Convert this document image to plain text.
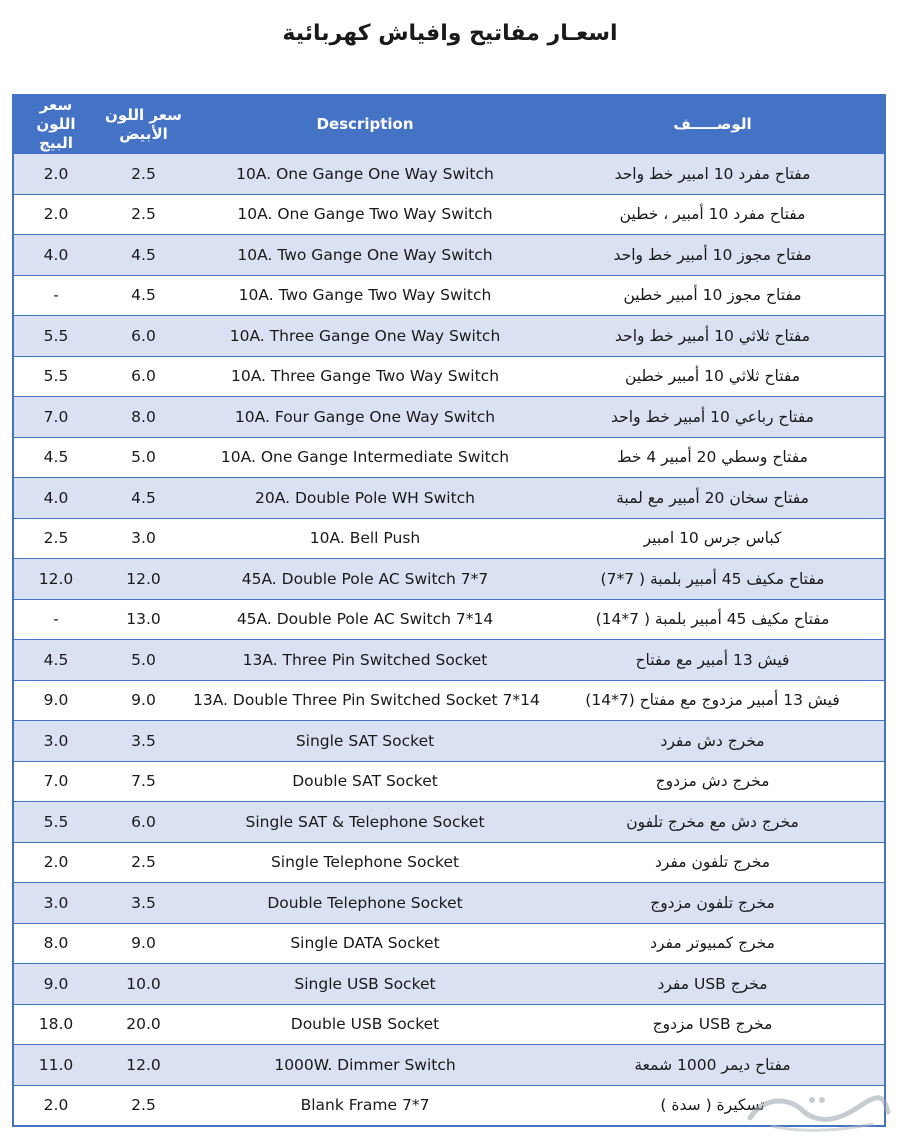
اسعـار مفاتيح وافياش كهربائية
سعر اللون البيج	سعر اللون الأبيض	Description	الوصـــــف
2.0	2.5	10A. One Gange One Way Switch	مفتاح مفرد 10 امبير خط واحد
2.0	2.5	10A. One Gange Two Way Switch	مفتاح مفرد 10 أمبير ، خطين
4.0	4.5	10A. Two Gange One Way Switch	مفتاح مجوز 10 أمبير خط واحد
-	4.5	10A. Two Gange Two Way Switch	مفتاح مجوز 10 أمبير خطين
5.5	6.0	10A. Three Gange One Way Switch	مفتاح ثلاثي 10 أمبير خط واحد
5.5	6.0	10A. Three Gange Two Way Switch	مفتاح ثلاثي 10 أمبير خطين
7.0	8.0	10A. Four Gange One Way Switch	مفتاح رباعي 10 أمبير خط واحد
4.5	5.0	10A. One Gange Intermediate Switch	مفتاح وسطي 20 أمبير 4 خط
4.0	4.5	20A. Double Pole WH Switch	مفتاح سخان 20 أمبير مع لمبة
2.5	3.0	10A. Bell Push	كباس جرس 10 امبير
12.0	12.0	45A. Double Pole AC Switch 7*7	مفتاح مكيف 45 أمبير بلمبة ( 7*7)
-	13.0	45A. Double Pole AC Switch 7*14	مفتاح مكيف 45 أمبير بلمبة ( 7*14)
4.5	5.0	13A. Three Pin Switched Socket	فيش 13 أمبير مع مفتاح
9.0	9.0	13A. Double Three Pin Switched Socket 7*14	فيش 13 أمبير مزدوج مع مفتاح (7*14)
3.0	3.5	Single SAT Socket	مخرج دش مفرد
7.0	7.5	Double SAT Socket	مخرج دش مزدوج
5.5	6.0	Single SAT & Telephone Socket	مخرج دش مع مخرج تلفون
2.0	2.5	Single Telephone Socket	مخرج تلفون مفرد
3.0	3.5	Double Telephone Socket	مخرج تلفون مزدوج
8.0	9.0	Single DATA Socket	مخرج كمبيوتر مفرد
9.0	10.0	Single USB Socket	مخرج USB مفرد
18.0	20.0	Double USB Socket	مخرج USB مزدوج
11.0	12.0	1000W. Dimmer Switch	مفتاح ديمر 1000 شمعة
2.0	2.5	Blank Frame 7*7	تسكيرة ( سدة )
